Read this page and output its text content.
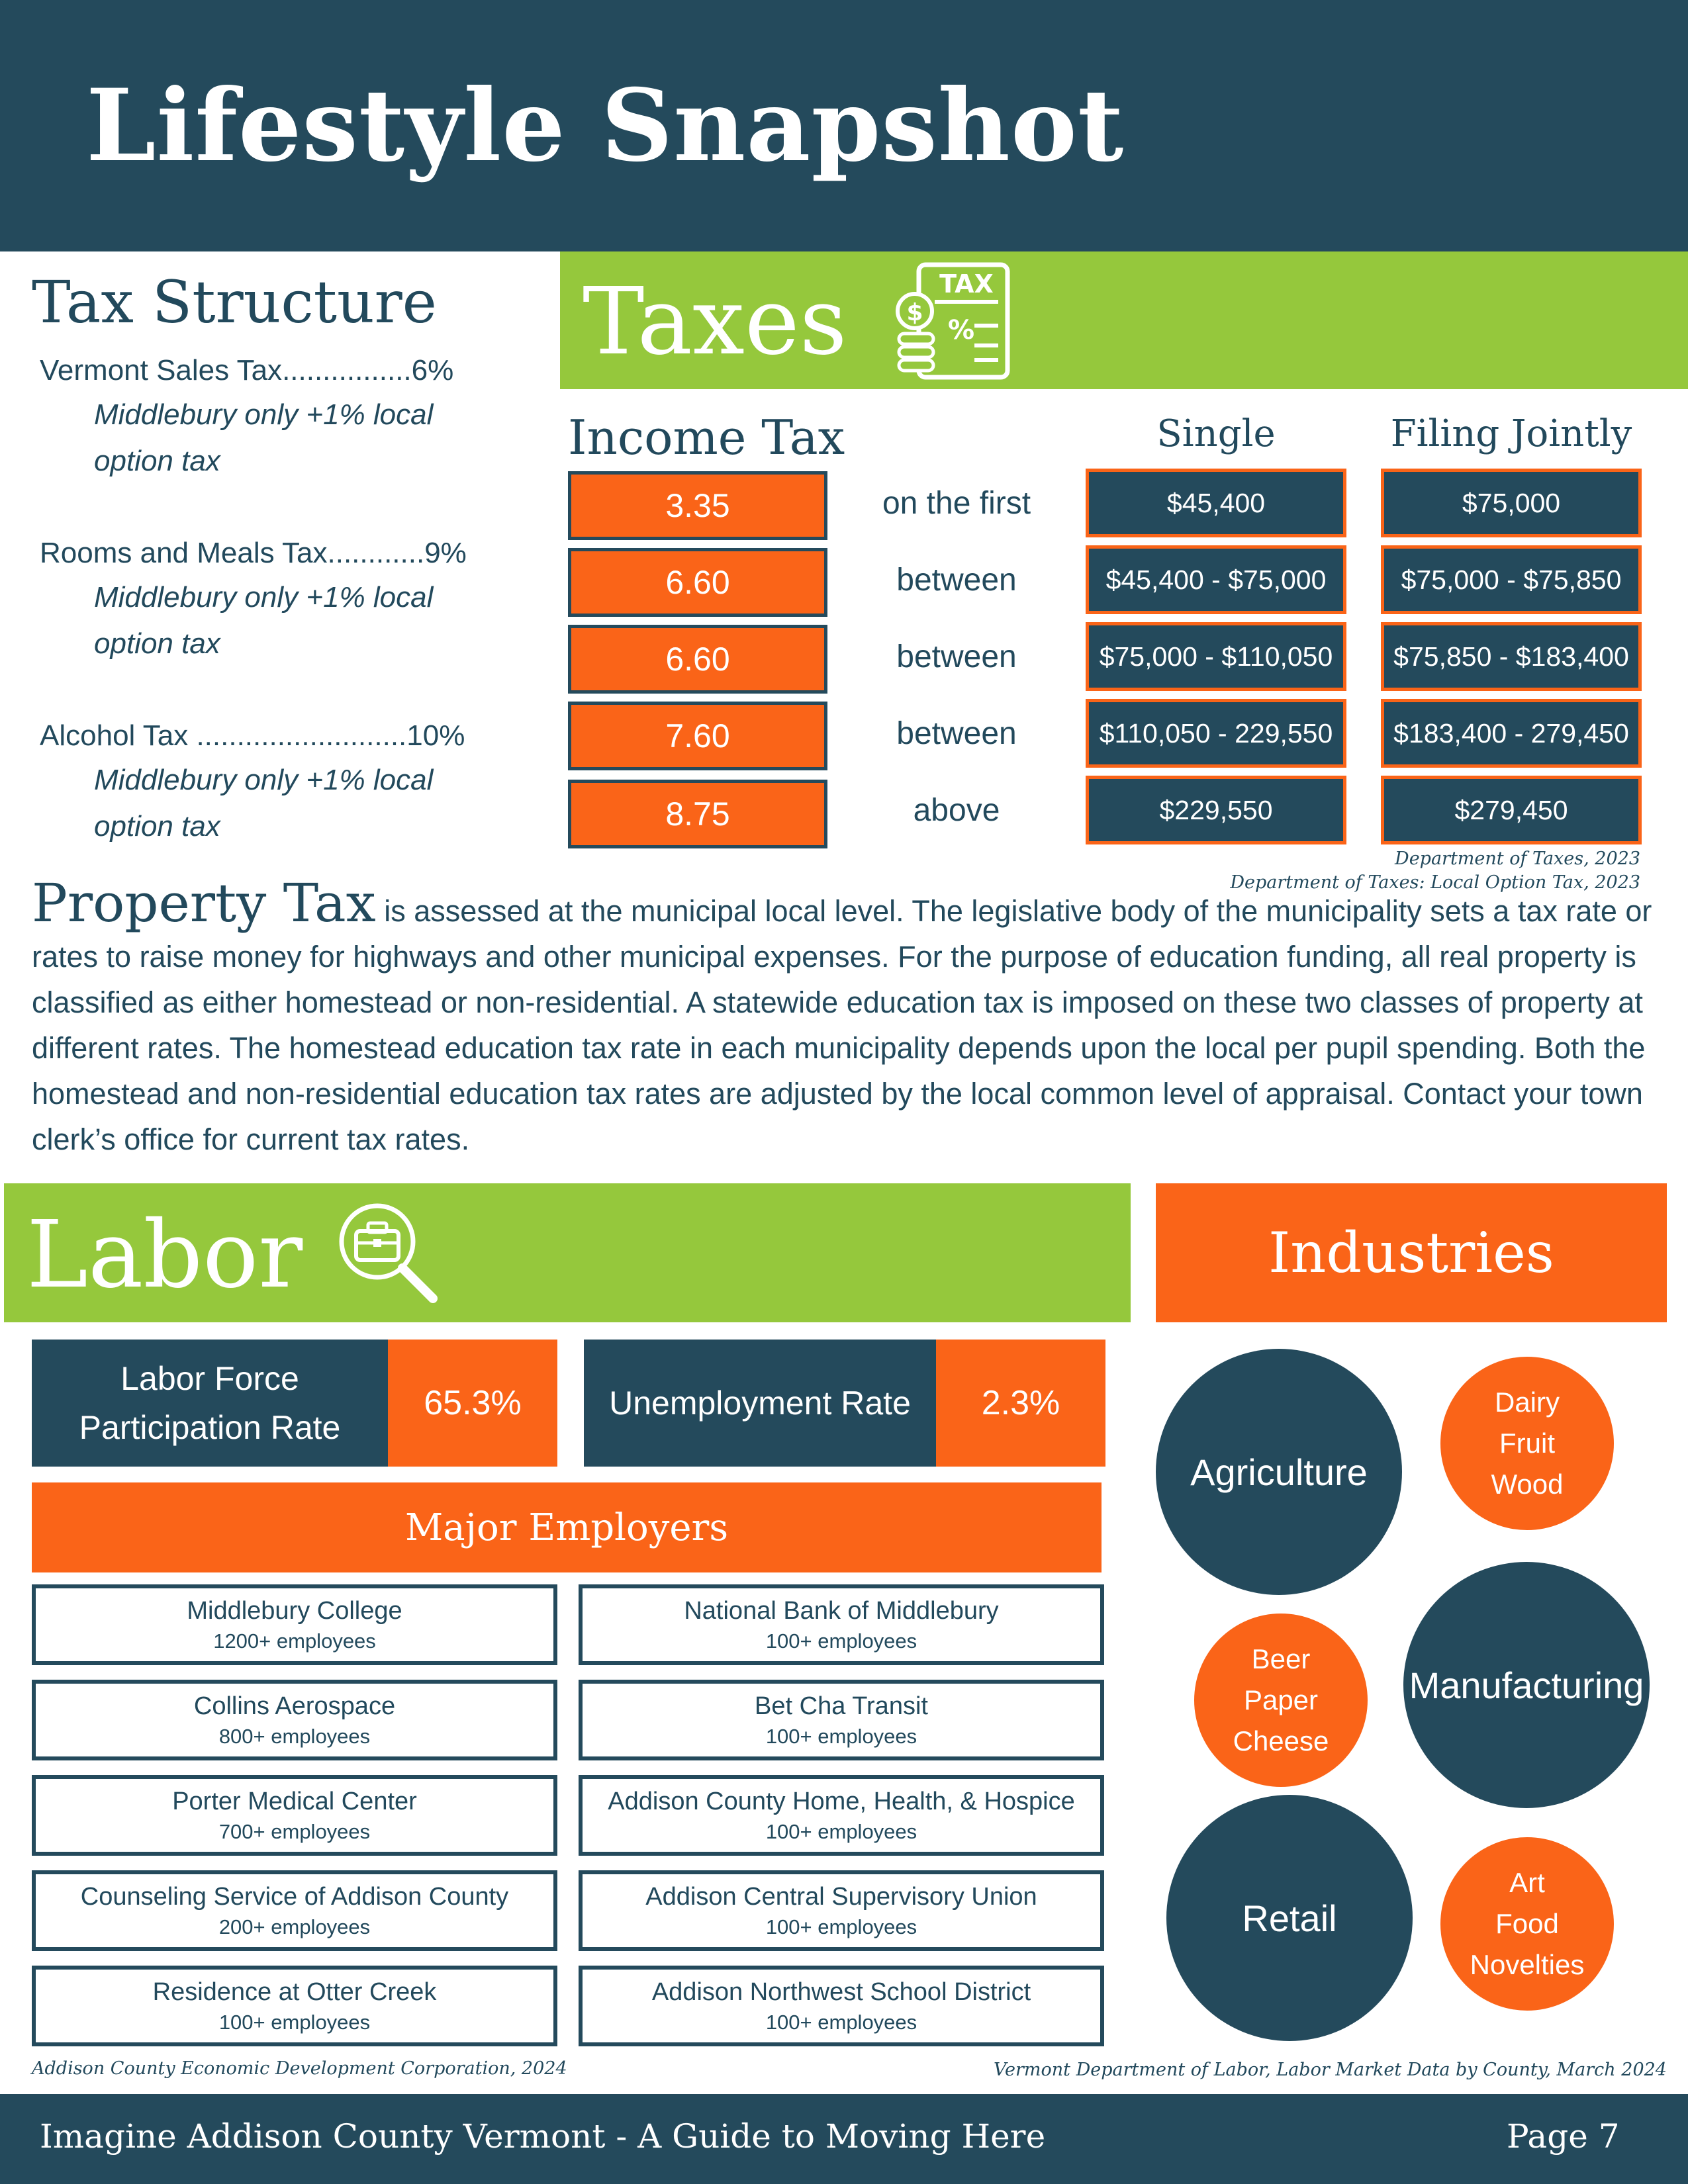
Lifestyle Snapshot
Tax Structure
Vermont Sales Tax................6%
Middlebury only +1% local
option tax
Rooms and Meals Tax............9%
Middlebury only +1% local
option tax
Alcohol Tax ..........................10%
Middlebury only +1% local
option tax
Taxes	TAX
%
$
Income Tax	Single	Filing Jointly
3.35	on the first	$45,400	$75,000
6.60	between	$45,400 - $75,000	$75,000 - $75,850
6.60	between	$75,000 - $110,050	$75,850 - $183,400
7.60	between	$110,050 - 229,550	$183,400 - 279,450
8.75	above	$229,550	$279,450
Department of Taxes, 2023
Department of Taxes: Local Option Tax, 2023
Property Tax is assessed at the municipal local level. The legislative body of the municipality sets a tax rate or rates to raise money for highways and other municipal expenses. For the purpose of education funding, all real property is classified as either homestead or non-residential. A statewide education tax is imposed on these two classes of property at different rates. The homestead education tax rate in each municipality depends upon the local per pupil spending. Both the homestead and non-residential education tax rates are adjusted by the local common level of appraisal. Contact your town clerk’s office for current tax rates.
Labor
Labor Force
Participation Rate
65.3%	Unemployment Rate	2.3%
Major Employers
Middlebury College
1200+ employees
National Bank of Middlebury
100+ employees
Collins Aerospace
800+ employees
Bet Cha Transit
100+ employees
Porter Medical Center
700+ employees
Addison County Home, Health, & Hospice
100+ employees
Counseling Service of Addison County
200+ employees
Addison Central Supervisory Union
100+ employees
Residence at Otter Creek
100+ employees
Addison Northwest School District
100+ employees
Addison County Economic Development Corporation, 2024	Vermont Department of Labor, Labor Market Data by County, March 2024
Industries
Agriculture
Dairy
Fruit
Wood
Beer
Paper
Cheese
Manufacturing
Retail
Art
Food
Novelties
Imagine Addison County Vermont - A Guide to Moving Here	Page 7
